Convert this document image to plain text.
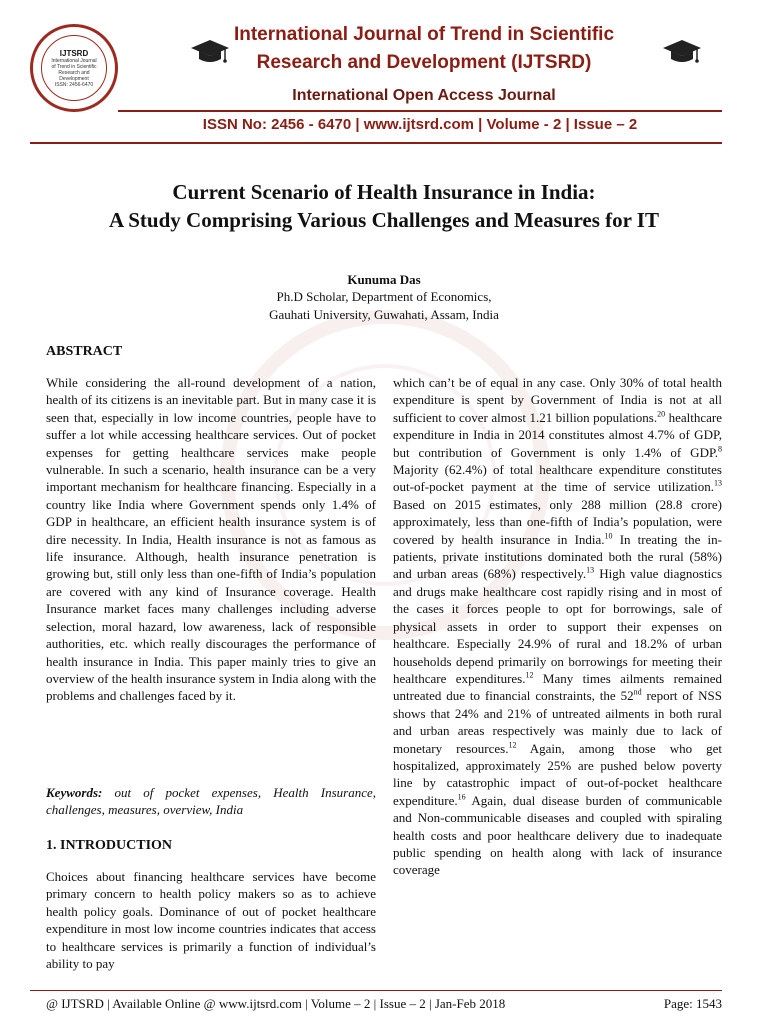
IJTSRD
International Journal
of Trend in Scientific
Research and
Development
ISSN: 2456-6470
International Journal of Trend in Scientific
Research and Development (IJTSRD)
International Open Access Journal
ISSN No: 2456 - 6470 | www.ijtsrd.com | Volume - 2 | Issue – 2
Current Scenario of Health Insurance in India:
A Study Comprising Various Challenges and Measures for IT
Kunuma Das
Ph.D Scholar, Department of Economics,
Gauhati University, Guwahati, Assam, India
ABSTRACT

While considering the all-round development of a nation, health of its citizens is an inevitable part. But in many case it is seen that, especially in low income countries, people have to suffer a lot while accessing healthcare services. Out of pocket expenses for getting healthcare services make people vulnerable. In such a scenario, health insurance can be a very important mechanism for healthcare financing. Especially in a country like India where Government spends only 1.4% of GDP in healthcare, an efficient health insurance system is of dire necessity. In India, Health insurance is not as famous as life insurance. Although, health insurance penetration is growing but, still only less than one-fifth of India’s population are covered with any kind of Insurance coverage. Health Insurance market faces many challenges including adverse selection, moral hazard, low awareness, lack of responsible authorities, etc. which really discourages the performance of health insurance in India. This paper mainly tries to give an overview of the health insurance system in India along with the problems and challenges faced by it.

Keywords: out of pocket expenses, Health Insurance, challenges, measures, overview, India
1. INTRODUCTION

Choices about financing healthcare services have become primary concern to health policy makers so as to achieve health policy goals. Dominance of out of pocket healthcare expenditure in most low income countries indicates that access to healthcare services is primarily a function of individual’s ability to pay

which can’t be of equal in any case. Only 30% of total health expenditure is spent by Government of India is not at all sufficient to cover almost 1.21 billion populations.$^{20}$ healthcare expenditure in India in 2014 constitutes almost 4.7% of GDP, but contribution of Government is only 1.4% of GDP.$^8$ Majority (62.4%) of total healthcare expenditure constitutes out-of-pocket payment at the time of service utilization.$^{13}$ Based on 2015 estimates, only 288 million (28.8 crore) approximately, less than one-fifth of India’s population, were covered by health insurance in India.$^{10}$ In treating the in-patients, private institutions dominated both the rural (58%) and urban areas (68%) respectively.$^{13}$ High value diagnostics and drugs make healthcare cost rapidly rising and in most of the cases it forces people to opt for borrowings, sale of physical assets in order to support their expenses on healthcare. Especially 24.9% of rural and 18.2% of urban households depend primarily on borrowings for meeting their healthcare expenditures.$^{12}$ Many times ailments remained untreated due to financial constraints, the 52nd report of NSS shows that 24% and 21% of untreated ailments in both rural and urban areas respectively was mainly due to lack of monetary resources.$^{12}$ Again, among those who get hospitalized, approximately 25% are pushed below poverty line by catastrophic impact of out-of-pocket healthcare expenditure.$^{16}$ Again, dual disease burden of communicable and Non-communicable diseases and coupled with spiraling health costs and poor healthcare delivery due to inadequate public spending on health along with lack of insurance coverage

@ IJTSRD | Available Online @ www.ijtsrd.com | Volume – 2 | Issue – 2 | Jan-Feb 2018	Page: 1543
